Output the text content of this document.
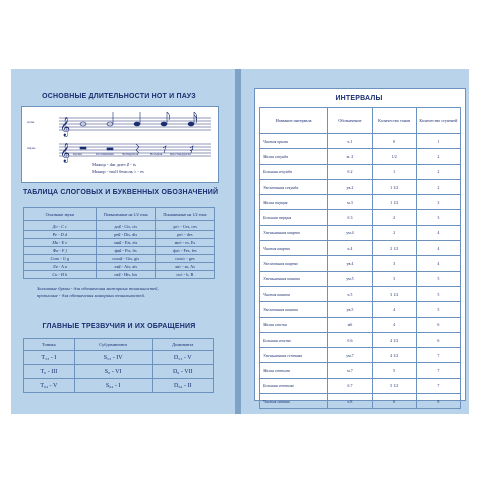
ОСНОВНЫЕ ДЛИТЕЛЬНОСТИ НОТ И ПАУЗ
ноты
паузы
𝄞
𝄞 Целая	Половинная Четвертная	Восьмая Шестнадцатая
Мажор - dur диез ♯ - is
Минор - moll бемоль ♭ - es
ТАБЛИЦА СЛОГОВЫХ И БУКВЕННЫХ ОБОЗНАЧЕНИЙ
Основные звуки	Повышенные на 1/2 тона	Пониженные на 1/2 тона
До - C c	до♯ - Cis, cis	до♭ - Ces, ces
Ре - D d	ре♯ - Dis, dis	ре♭ - des
Ми - E e	ми♯ - Eis, eis	ми♭ - es, Es
Фа - F f	фа♯ - Fis, fis	фа♭ - Fes, fes
Соль - G g	соль♯ - Gis, gis	соль♭ - ges
Ля - A a	ля♯ - Ais, ais	ля♭ - as, As
Си - H h	си♯ - His, his	си♭ - b, B
Заглавные буквы - для обозначения мажорных тональностей,
прописные - для обозначения минорных тональностей.
ГЛАВНЫЕ ТРЕЗВУЧИЯ И ИХ ОБРАЩЕНИЯ
Тоника	Субдоминанта	Доминанта
T₅₃ - I	S₅₃ - IV	D₅₃ - V
T₆ - III	S₆ - VI	D₆ - VII
T₆₄ - V	S₆₄ - I	D₆₄ - II
ИНТЕРВАЛЫ
Название интервала	Обозначение	Количество тонов	Количество ступеней
Чистая прима	ч.1	0	1
Малая секунда	м. 2	1/2	2
Большая секунда	б.2	1	2
Увеличенная секунда	ув.2	1 1/2	2
Малая терция	м.3	1 1/2	3
Большая терция	б.3	2	3
Уменьшенная кварта	ум.4	2	4
Чистая кварта	ч.4	2 1/2	4
Увеличенная кварта	ув.4	3	4
Уменьшенная квинта	ум.5	3	5
Чистая квинта	ч.5	3 1/2	5
Увеличенная квинта	ув.5	4	5
Малая секста	м6	4	6
Большая секста	б.6	4 1/2	6
Уменьшенная септима	ум.7	4 1/2	7
Малая септима	м.7	5	7
Большая септима	б.7	5 1/2	7
Чистая октава	ч.8	6	8
